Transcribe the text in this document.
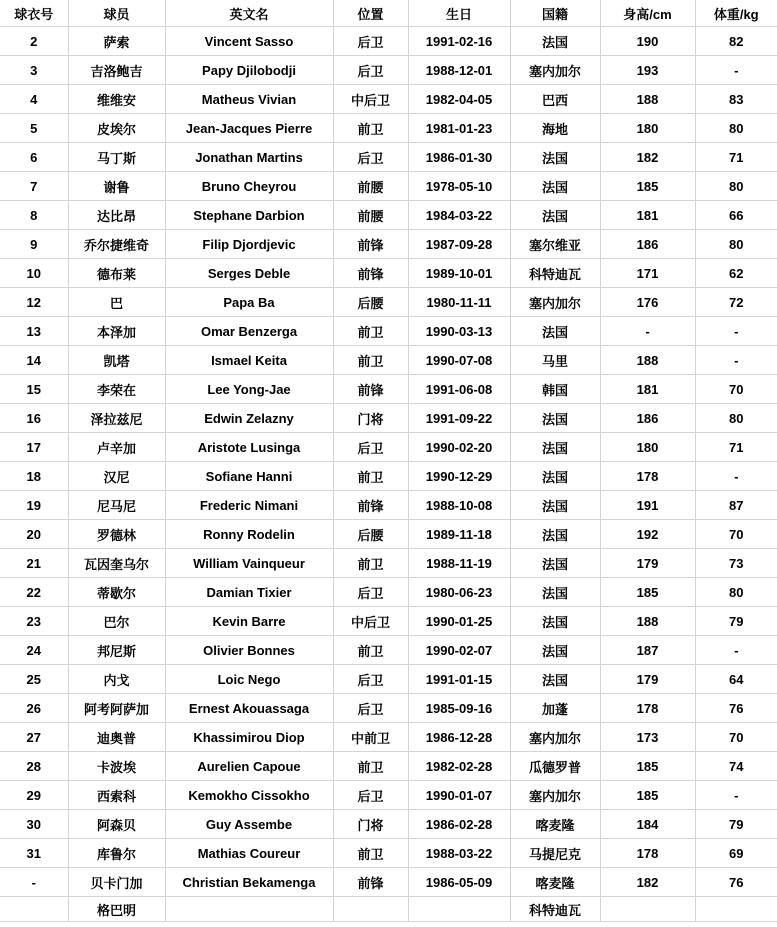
球衣号	球员	英文名	位置	生日	国籍	身高/cm	体重/kg
2	萨索	Vincent Sasso	后卫	1991-02-16	法国	190	82
3	吉洛鲍吉	Papy Djilobodji	后卫	1988-12-01	塞内加尔	193	-
4	维维安	Matheus Vivian	中后卫	1982-04-05	巴西	188	83
5	皮埃尔	Jean-Jacques Pierre	前卫	1981-01-23	海地	180	80
6	马丁斯	Jonathan Martins	后卫	1986-01-30	法国	182	71
7	谢鲁	Bruno Cheyrou	前腰	1978-05-10	法国	185	80
8	达比昂	Stephane Darbion	前腰	1984-03-22	法国	181	66
9	乔尔捷维奇	Filip Djordjevic	前锋	1987-09-28	塞尔维亚	186	80
10	德布莱	Serges Deble	前锋	1989-10-01	科特迪瓦	171	62
12	巴	Papa Ba	后腰	1980-11-11	塞内加尔	176	72
13	本泽加	Omar Benzerga	前卫	1990-03-13	法国	-	-
14	凯塔	Ismael Keita	前卫	1990-07-08	马里	188	-
15	李荣在	Lee Yong-Jae	前锋	1991-06-08	韩国	181	70
16	泽拉兹尼	Edwin Zelazny	门将	1991-09-22	法国	186	80
17	卢辛加	Aristote Lusinga	后卫	1990-02-20	法国	180	71
18	汉尼	Sofiane Hanni	前卫	1990-12-29	法国	178	-
19	尼马尼	Frederic Nimani	前锋	1988-10-08	法国	191	87
20	罗德林	Ronny Rodelin	后腰	1989-11-18	法国	192	70
21	瓦因奎乌尔	William Vainqueur	前卫	1988-11-19	法国	179	73
22	蒂歇尔	Damian Tixier	后卫	1980-06-23	法国	185	80
23	巴尔	Kevin Barre	中后卫	1990-01-25	法国	188	79
24	邦尼斯	Olivier Bonnes	前卫	1990-02-07	法国	187	-
25	内戈	Loic Nego	后卫	1991-01-15	法国	179	64
26	阿考阿萨加	Ernest Akouassaga	后卫	1985-09-16	加蓬	178	76
27	迪奥普	Khassimirou Diop	中前卫	1986-12-28	塞内加尔	173	70
28	卡波埃	Aurelien Capoue	前卫	1982-02-28	瓜德罗普	185	74
29	西索科	Kemokho Cissokho	后卫	1990-01-07	塞内加尔	185	-
30	阿森贝	Guy Assembe	门将	1986-02-28	喀麦隆	184	79
31	库鲁尔	Mathias Coureur	前卫	1988-03-22	马提尼克	178	69
-	贝卡门加	Christian Bekamenga	前锋	1986-05-09	喀麦隆	182	76
	格巴明				科特迪瓦		
